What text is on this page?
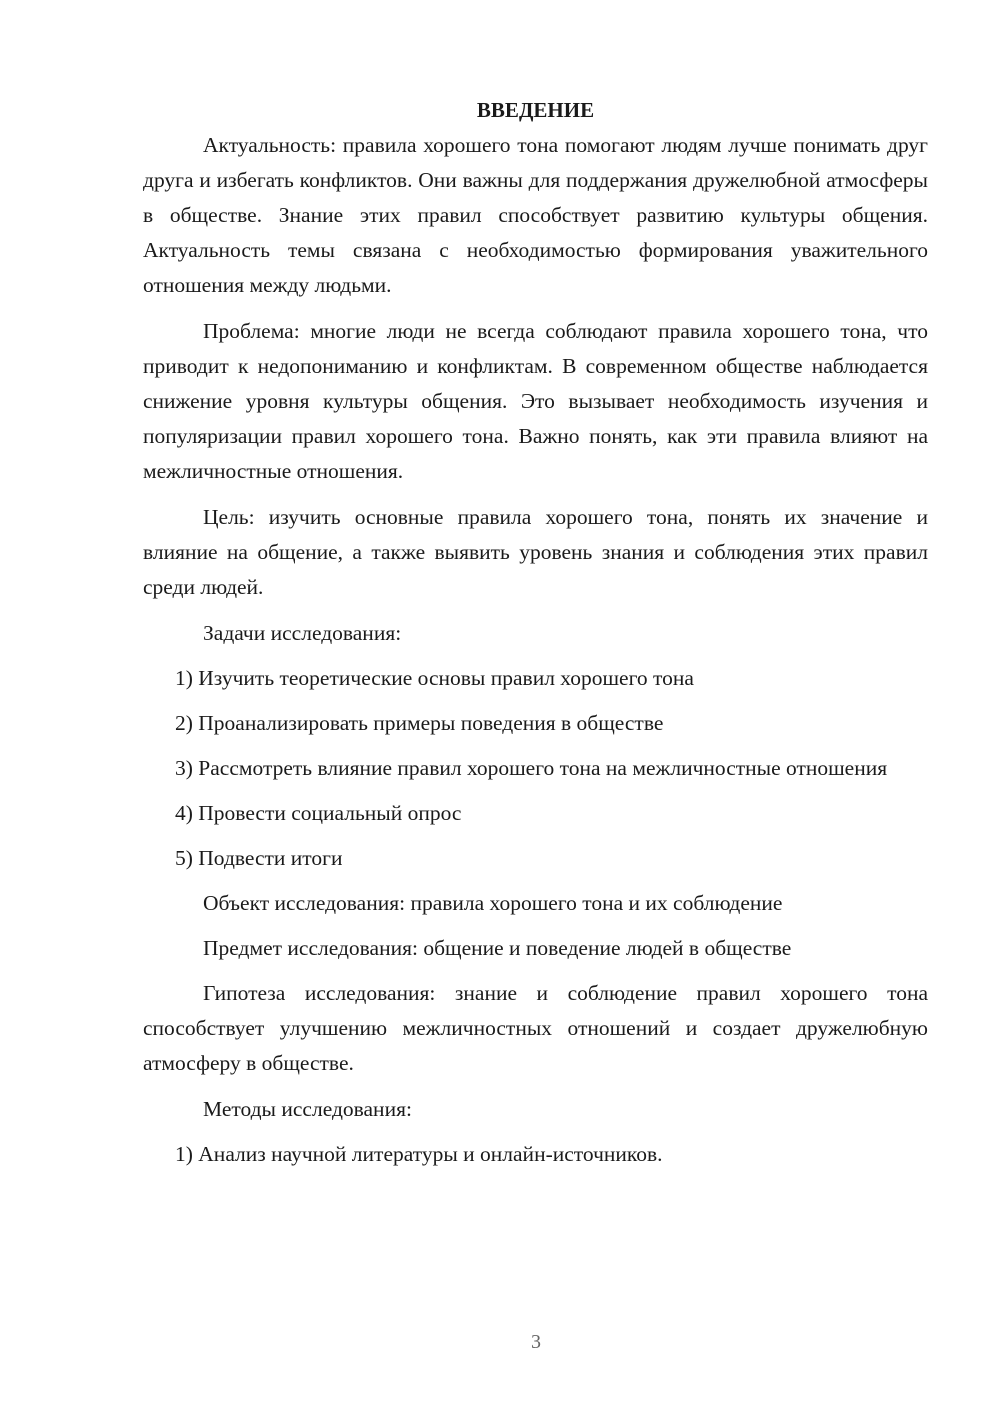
ВВЕДЕНИЕ

Актуальность: правила хорошего тона помогают людям лучше понимать друг друга и избегать конфликтов. Они важны для поддержания дружелюбной атмосферы в обществе. Знание этих правил способствует развитию культуры общения. Актуальность темы связана с необходимостью формирования уважительного отношения между людьми.

Проблема: многие люди не всегда соблюдают правила хорошего тона, что приводит к недопониманию и конфликтам. В современном обществе наблюдается снижение уровня культуры общения. Это вызывает необходимость изучения и популяризации правил хорошего тона. Важно понять, как эти правила влияют на межличностные отношения.

Цель: изучить основные правила хорошего тона, понять их значение и влияние на общение, а также выявить уровень знания и соблюдения этих правил среди людей.

Задачи исследования:

1) Изучить теоретические основы правил хорошего тона

2) Проанализировать примеры поведения в обществе

3) Рассмотреть влияние правил хорошего тона на межличностные отношения

4) Провести социальный опрос

5) Подвести итоги

Объект исследования: правила хорошего тона и их соблюдение

Предмет исследования: общение и поведение людей в обществе

Гипотеза исследования: знание и соблюдение правил хорошего тона способствует улучшению межличностных отношений и создает дружелюбную атмосферу в обществе.

Методы исследования:

1) Анализ научной литературы и онлайн-источников.

3
